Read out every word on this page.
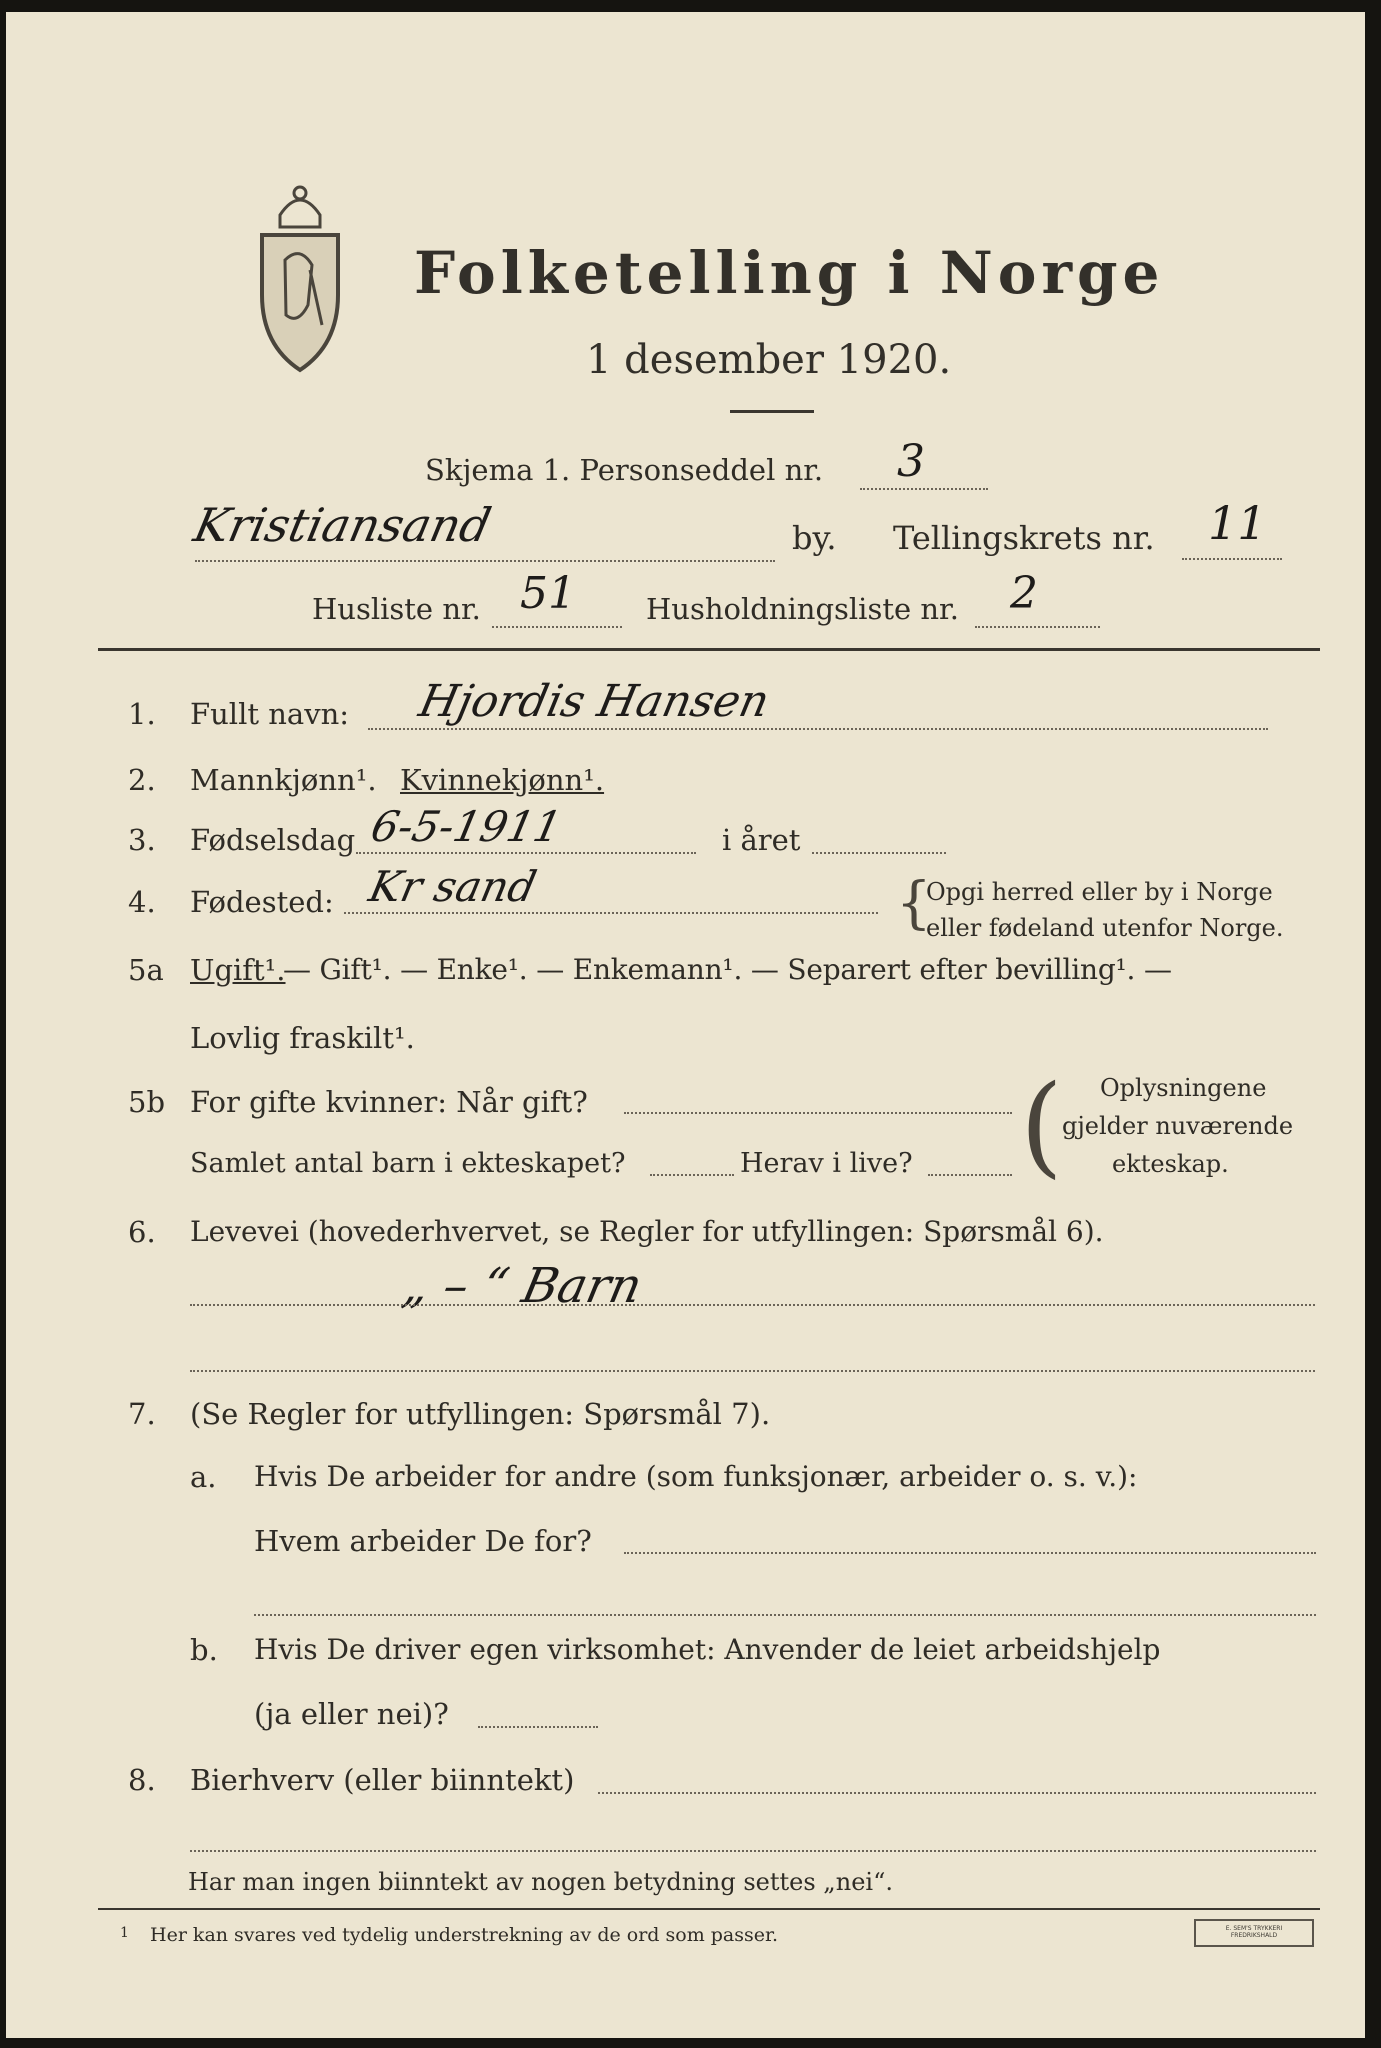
Folketelling i Norge
1 desember 1920.
Skjema 1. Personseddel nr. 3
Kristiansand	by. Tellingskrets nr. 11
Husliste nr. 51 Husholdningsliste nr. 2
1. Fullt navn: Hjordis Hansen
2. Mannkjønn¹. Kvinnekjønn¹.
3. Fødselsdag 6-5-1911	i året
4. Fødested: Kr sand	{
Opgi herred eller by i Norge
eller fødeland utenfor Norge.
5a Ugift¹.
— Gift¹. — Enke¹. — Enkemann¹. — Separert efter bevilling¹. —
Lovlig fraskilt¹.
5b For gifte kvinner: Når gift?
Samlet antal barn i ekteskapet?	Herav i live? ( Oplysningene
gjelder nuværende
ekteskap.
6. Levevei (hovederhvervet, se Regler for utfyllingen: Spørsmål 6).
„ – “ Barn
7. (Se Regler for utfyllingen: Spørsmål 7).
a. Hvis De arbeider for andre (som funksjonær, arbeider o. s. v.):
Hvem arbeider De for?
b. Hvis De driver egen virksomhet: Anvender de leiet arbeidshjelp
(ja eller nei)?
8. Bierhverv (eller biinntekt)
Har man ingen biinntekt av nogen betydning settes „nei“.
1 Her kan svares ved tydelig understrekning av de ord som passer.	E. SEM'S TRYKKERI FREDRIKSHALD
